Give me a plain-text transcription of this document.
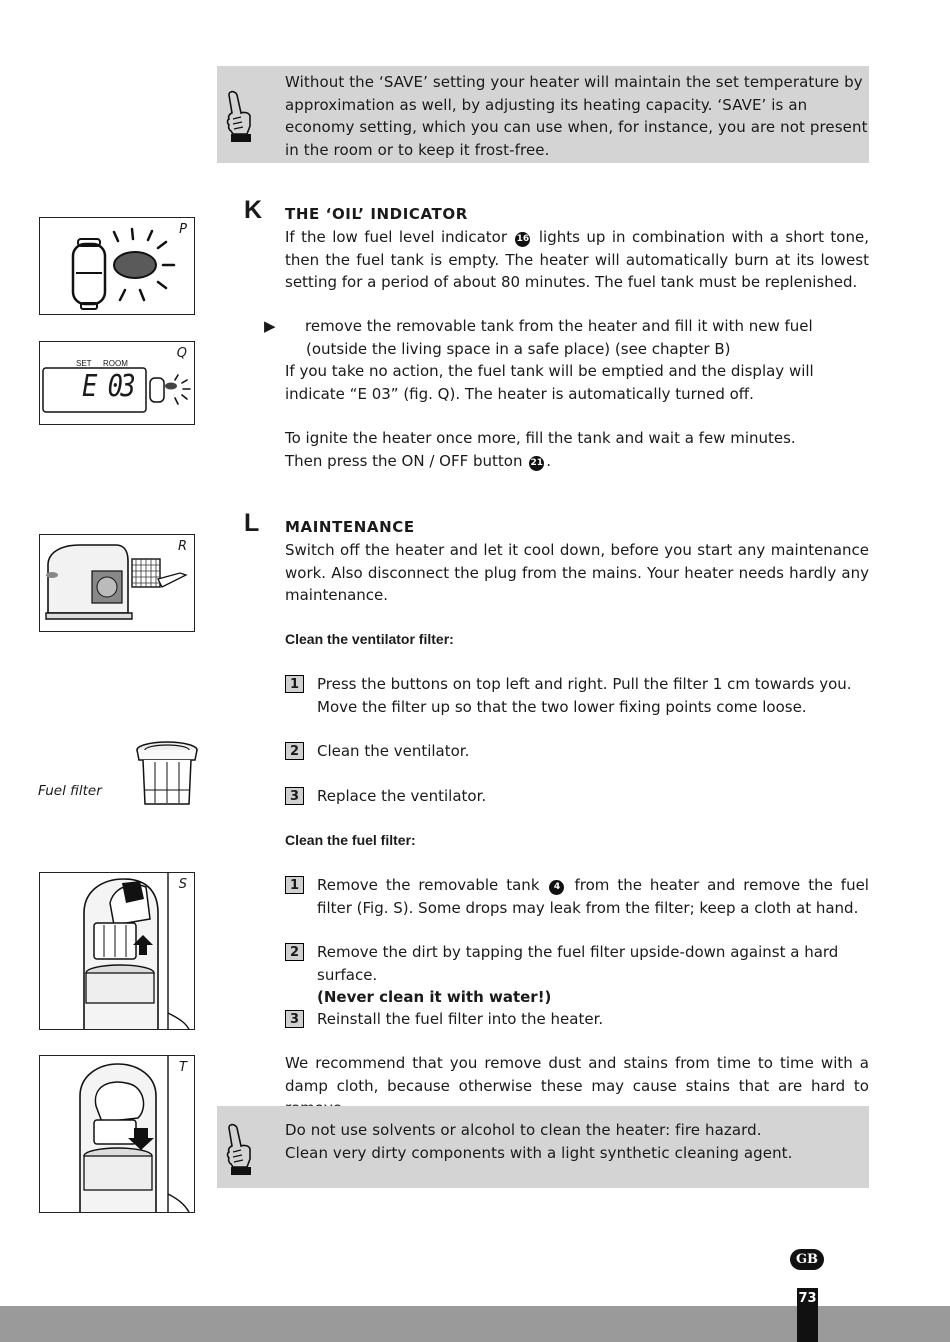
Without the ‘SAVE’ setting your heater will maintain the set temperature by approximation as well, by adjusting its heating capacity. ‘SAVE’ is an economy setting, which you can use when, for instance, you are not present in the room or to keep it frost-free.

K THE ‘OIL’ INDICATOR

If the low fuel level indicator 16 lights up in combination with a short tone, then the fuel tank is empty. The heater will automatically burn at its lowest setting for a period of about 80 minutes. The fuel tank must be replenished.

▶ remove the removable tank from the heater and fill it with new fuel (outside the living space in a safe place) (see chapter B)

If you take no action, the fuel tank will be emptied and the display will indicate “E 03” (fig. Q). The heater is automatically turned off.

To ignite the heater once more, fill the tank and wait a few minutes.

Then press the ON / OFF button 21 .

L MAINTENANCE

Switch off the heater and let it cool down, before you start any maintenance work. Also disconnect the plug from the mains. Your heater needs hardly any maintenance.

Clean the ventilator filter:
1	Press the buttons on top left and right. Pull the filter 1 cm towards you. Move the filter up so that the two lower fixing points come loose.

2	Clean the ventilator.

3	Replace the ventilator.

Clean the fuel filter:
1	Remove the removable tank 4 from the heater and remove the fuel filter (Fig. S). Some drops may leak from the filter; keep a cloth at hand.

2	Remove the dirt by tapping the fuel filter upside-down against a hard surface.
(Never clean it with water!)

3	Reinstall the fuel filter into the heater.

We recommend that you remove dust and stains from time to time with a damp cloth, because otherwise these may cause stains that are hard to

Do not use solvents or alcohol to clean the heater: fire hazard.

Clean very dirty components with a light synthetic cleaning agent.

P
Q
SET ROOM
E 03
R
Fuel filter
S
T
GB
73
